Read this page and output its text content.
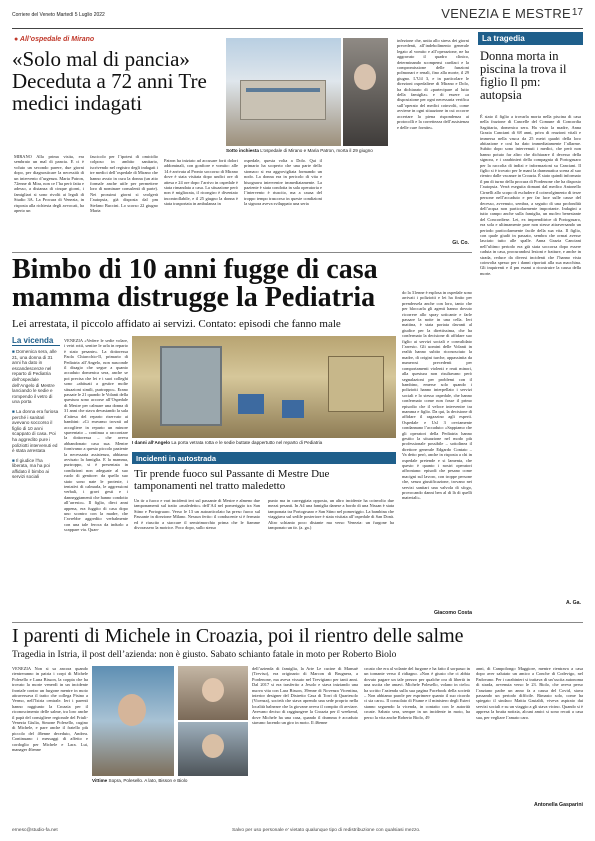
Corriere del Veneto Martedì 5 Luglio 2022	VENEZIA E MESTRE 17
● All’ospedale di Mirano
«Solo mal di pancia» Deceduta a 72 anni Tre medici indagati
Sotto inchiesta L’ospedale di Mirano e Maria Patron, morta il 29 giugno
MIRANO Alla prima visita, era sembrato un mal di pancia. E ci è voluto un secondo parere, due giorni dopo, per diagnosticare la necessità di un intervento d’urgenza. Maria Patron, 72enne di Mira, non ce l’ha però fatta e adesso, a distanza di cinque giorni, i famigliari si sono rivolti ai legali di Studio 3A. La Procura di Venezia, in risposta alla richiesta degli avvocati, ha aperto un
fascicolo per l’ipotesi di omicidio colposo in ambito sanitario, iscrivendo nel registro degli indagati i tre medici dell’ospedale di Mirano che hanno avuto in cura la donna (un atto formale anche utile per permettere loro di nominare consulenti di parte). Nei prossimi giorni si svolgerà l’autopsia, già disposta dal pm Stefano Buccini. Lo scorso 22 giugno Maria
Patron ha iniziato ad accusare forti dolori addominali, con gonfiore e vomito: alle 14 è arrivata al Pronto soccorso di Mirano dove è stata visitata dopo undici ore di attesa e 24 ore dopo l’arrivo in ospedale è stata rimandata a casa. La situazione però non è migliorata, il ricongiro è diventato incontrollabile, e il 25 giugno la donna è stata trasportata in ambulanza in
ospedale, questa volta a Dolo. Qui il primario ha scoperto che una parte dello stomaco si era aggrovigliata formando un nodo. La donna era in pericolo di vita e bisognava intervenire immediatamente. La paziente è stata condotta in sala operatoria e l’intervento è riuscito, ma a causa del troppo tempo trascorso in queste condizioni la signora aveva sviluppato una seria
infezione che, unita allo stress dei giorni precedenti, all’indebolimento generale legato al vomito e all’operazione, ne ha aggravato il quadro clinico, determinando scompensi cardiaci e la compromissione delle funzioni polmonari e renali, fino alla morte, il 29 giugno. L’Uil 3, e in particolare le direzioni ospedaliere di Mirano e Dolo, ha dichiarato di «partecipare al lutto della famiglia» e di essere «a disposizione per ogni necessaria verifica sull’operato del medici coinvolti, come avviene in ogni situazione in cui occorre accertare la piena rispondenza ai protocolli e la correttezza dell’assistenza e delle cure fornite».
Gi. Co.
La tragedia
Donna morta in piscina la trova il figlio Il pm: autopsia
È stato il figlio a trovarla morta nella piscina di casa nella frazione di Cancelle del Comune di Concordia Sagittaria, domenica sera. Ha visto la madre, Anna Grazia Canciani di 68 anni, priva di reazioni vitali e immersa nella vasca da 25 metri quadri della loro abitazione e così ha dato immediatamente l’allarme. Subito dopo sono intervenuti i medici, che però non hanno potuto far altro che dichiarare il decesso della signora, e i carabinieri della compagnia di Portogruaro per la raccolta di indizi e informazioni su Canciani. Il figlio si è trovato per le mani la drammatica scena al suo rientro dalle vacanze in Croazia. È stato quindi informato il pm di turno della procura di Pordenone che ha disposto l’autopsia. Verrà eseguita domani dal medico Antonello Cirnelli allo scopo di escludere il coinvolgimento di terze persone nell’accaduto e per far luce sulle cause del decesso, avvenuto, sembra, a seguito di una profondità dell’acqua non particolarmente importante. Indagini a tutto campo anche sulla famiglia, un nucleo benestante del Concordiese. Lei, ex imprenditrice di Portogruaro, era sola e ultimamente pare non stesse attraversando un periodo particolarmente facile della sua vita. Il figlio, con quale giudò in passato, sembra che ormai avesse lasciato tutto alle spalle. Anna Grazia Canciani nell’ultimo periodo era già stata soccorsa dopo essere caduta in casa, procurandosi lesioni e fratture, e anche in strada, reduce da diversi incidenti che l’hanno vista coinvolta spesso per i danni riportati alla sua macchina. Gli inquirenti e il pm esami a ricostruire la causa della morte.
A. Ga.
Bimbo di 10 anni fugge di casa mamma distrugge la Pediatria
Lei arrestata, il piccolo affidato ai servizi. Contato: episodi che fanno male
La vicenda
■ Domenica sera, alle 21, una donna di 31 anni ha dato in escandescenze nel reparto di Pediatria dell’ospedale dell’Angelo di Mestre lanciando le sedie e rompendo il vetro di una porta
■ La donna era furiosa perché i sanitari avevano soccorso il figlio di 10 anni scappato di casa. Poi ha aggredito pure i poliziotti intervenuti ed è stata arrestata
■ Il giudice l’ha liberata, ma ha poi affidato il bimbo ai servizi sociali
VENEZIA «Vedere le sedie volare, i vetri rotti, sentire le urla in reparto è stato pesante». La dottoressa Paola Chiarcchio-Il, primario di Pediatria all’Angelo, non nasconde il disagio che segue a quanto accaduto domenica sera, anche se poi precisa che lei e i suoi colleghi sono «abituati a gestire molte situazioni simili, purtroppo». Erano passate le 21 quando le Volanti della questura sono accorse all’Ospedale di Mestre per calmare una donna di 31 anni che stava devastando la sala d’attesa del reparto riservato ai bambini: «Ci eravamo trovati ad accogliere in reparto un minore spaventato – continua a raccontare la dottoressa – che aveva abbandonato casa sua. Mentre fornivamo a questo piccolo paziente la necessaria assistenza, abbiamo avvisato la famiglia. E la mamma, purtroppo, si è presentata in condizioni non adeguate al suo ruolo di genitore: da quello suo stato sono nate le proteste, i tentativi di calmarla, le aggressioni verbali, i gravi gesti e i danneggiamenti che hanno condotto all’arresto». Il figlio, dieci anni appena, era fuggito di casa dopo uno scontro con la madre, che l’avrebbe aggredito verbalmente con una tale feroca da indurlo a scappare via. Quan-
I danni all’Angelo La porta vetrata rotta e le sedie buttate dappertutto nel reparto di Pediatria
do la 31enne è esplosa in ospedale sono arrivati i poliziotti e lei ha finito per prendersela anche con loro, tanto che per bloccarla gli agenti hanno dovuto ricorrere allo spray urticante e farle passare la notte in una cella. Ieri mattina, è stata portata davanti al giudice per la direttissima, che ha confermato la decisione di affidare suo figlio ai servizi sociali e convalidato l’arresto. Gli uomini delle Volanti in realtà hanno subito riconosciuto la madre, di origini turche, appassinita da numerosi precedenti per comportamenti violenti e reati minori, alla questura non risultavano però segnalazioni per problemi con il bambino, emerse solo quando i poliziotti hanno interpellato i servizi sociali e lo stesso ospedale, che hanno confermato come non fosse il primo episodio che il veloce intervenire tra mamma e figlio. Da qui, la decisione di affidare il ragazzino agli esperti. Ospedale e Usl 3 ovviamente condannano l’accaduto: «Sappiamo che gli operatori della Pediatria hanno gestito la situazione nel modo più professionale possibile – sottolinea il direttore generale Edgardo Contato – Va detto però, anche in risposta a chi in ospedale pretende e si lamenta, che questo è quanto i nostri operatori affrontano: episodi che pesano come macigni sul lavoro, con troppe persone che, senza giustificazione, trovano nei servizi sanitari una valvola di sfogo, provocando danni ben al di là di quelli materiali».
Giacomo Costa
Incidenti in autostrada
Tir prende fuoco sul Passante di Mestre Due tamponamenti nel tratto maledetto
Un tir a fuoco e vari incidenti ieri sul passante di Mestre e almeno due tamponamenti sul tratto «maledetto» dell’A4 nel pomeriggio tra San Stino e Portogruaro. Verso le 13 un autoarticolato ha preso fuoco sul Passante in direzione Milano. Nessun ferito: il conducente si è fermato ed è riuscito a staccare il semirimorchio prima che le fiamme divorassero la motrice. Poco dopo, sullo stesso
punto ma in carreggiata opposta, un altro incidente ha coinvolto due mezzi pesanti. In A4 una famiglia danese a bordo di una Nissan è stata tamponata tra Portogruaro e San Stino nel pomeriggio. La bambina che viaggiava sul sedile posteriore è stata visitata all’ospedale di San Donà. Altro schianto poco distante ma verso Venezia: un furgone ha tamponato un tir. (a. ga.)
I parenti di Michele in Croazia, poi il rientro delle salme
Tragedia in Istria, il post dell’azienda: non è giusto. Sabato schianto fatale in moto per Roberto Biolo
VENEZIA Non si sa ancora quando rientreranno in patria i corpi di Michele Polesello e Luna Bisson, la coppia che ha trovato la morte venerdì in un incidente frontale contro un furgone mentre in moto attraversava il tratto che collega Pisino a Vermo, nell’Istria centrale. Ieri i parenti hanno raggiunto la Croazia per il riconoscimento delle salme, tra loro anche il papà del consigliere regionale del Friuli-Venezia Giulia, Simone Polesello, cugino di Michele, e pare anche il fratello più piccolo del 46enne deceduto, Andrea. Continuano i messaggi di affetto e cordoglio per Michele e Lara. Lui, manager 46enne
Vittime Sopra, Polesello. A lato, Bisson e Biolo
dell’azienda di famiglia, la Arte Le cucine di Mansuè (Treviso), era originario di Marcon di Brugnera, a Pordenone, ma aveva vissuto nel Trevigiano per tanti anni. Dal 2017 si era trasferito a Jesolo e stava iniziando una nuova vita con Lara Bisson, 39enne di Novenza Vicentina, interior designer del Distretto Casa di Torri di Quartesolo (Vicenza), società che stava aprendo una sede proprio nella località balneare che la giovane aveva il compito di avviare. Avevano deciso di raggiungere la Croazia per il weekend, dove Michele ha una casa, quando il dramma è accaduto stavano facendo un giro in moto. Il 46enne
croato che era al volante del furgone e ha fatto il sorpasso in un tornante verso il ridiagno. «Non è giusto che ci abbia dovuto pagare un tale prezzo per qualche ora di libertà in una uscita che amavi. Michele Polesello, volano in cielo» ha scritto l’azienda sulla sua pagina Facebook della società – Non abbiamo parole per esprimere quanto il suo ricordo ci sia caro». Il consolato di Fiume e il ministero degli Esteri stanno seguendo la vicenda, in contatto con le autorità croate. Sabato sera, sempre in un incidente in moto, ha perso la vita anche Roberto Biolo, 49
anni, di Campolongo Maggiore, mentre rientrava a casa dopo aver salutato un amico a Conche di Codevigo, nel Padovano. Per i carabinieri si trattava di un’uscita autonoma di strada, avvenuta verso le 23. Biolo, che aveva perso l’anziano padre un anno fa a causa del Covid, stava passando un periodo difficile. Rimasto solo, come ha spiegato il sindaco Mattia Gastaldi, viveva aspirato dai servizi sociali e su un viaggio a gli stava vicino. Quando si è appresa la brutta notizia, alcuni amici si sono recati a casa sua, per vegliare l’amato caro.
Antonella Gasparini
ernesc@studio-fa.net	Salvo per uso personale e' vietato qualunque tipo di redistribuzione con qualsiasi mezzo.
